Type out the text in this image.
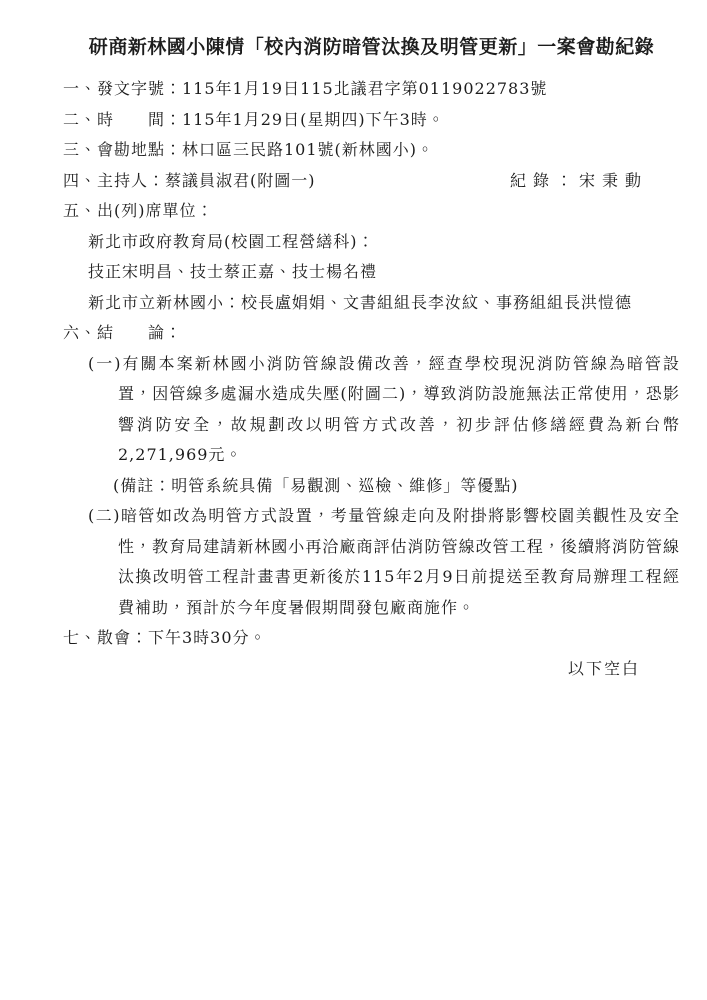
研商新林國小陳情「校內消防暗管汰換及明管更新」一案會勘紀錄
一、發文字號：115年1月19日115北議君字第0119022783號
二、時　　間：115年1月29日(星期四)下午3時。
三、會勘地點：林口區三民路101號(新林國小)。
四、主持人：蔡議員淑君(附圖一)	紀錄：宋秉動
五、出(列)席單位：
新北市政府教育局(校園工程營繕科)：
技正宋明昌、技士蔡正嘉、技士楊名禮
新北市立新林國小：校長盧娟娟、文書組組長李汝紋、事務組組長洪愷德
六、結　　論：
(一)有關本案新林國小消防管線設備改善，經查學校現況消防管線為暗管設置，因管線多處漏水造成失壓(附圖二)，導致消防設施無法正常使用，恐影響消防安全，故規劃改以明管方式改善，初步評估修繕經費為新台幣2,271,969元。
(備註：明管系統具備「易觀測、巡檢、維修」等優點)
(二)暗管如改為明管方式設置，考量管線走向及附掛將影響校園美觀性及安全性，教育局建請新林國小再洽廠商評估消防管線改管工程，後續將消防管線汰換改明管工程計畫書更新後於115年2月9日前提送至教育局辦理工程經費補助，預計於今年度暑假期間發包廠商施作。
七、散會：下午3時30分。
以下空白
